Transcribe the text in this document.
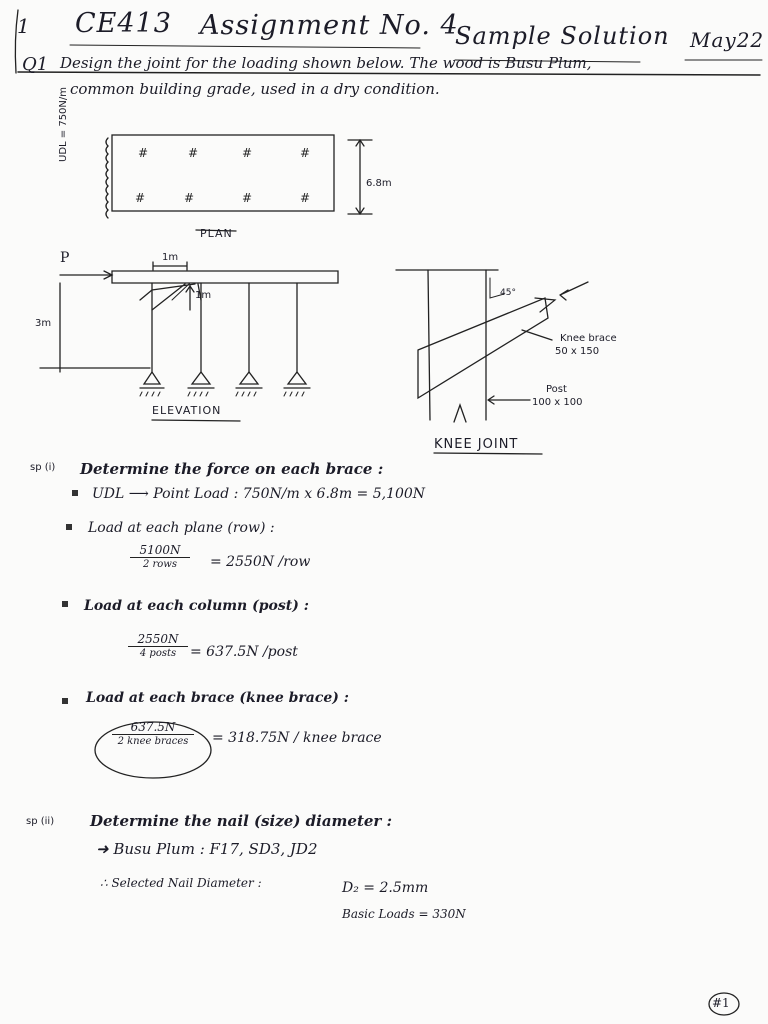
#	#	#	#
#	#	#	#
1 CE413 Assignment No. 4
Sample Solution May22
Q1 Design the joint for the loading shown below. The wood is Busu Plum,
common building grade, used in a dry condition.
UDL = 750N/m
6.8m
PLAN
P	1m
1m
3m
ELEVATION
45°
Knee brace
50 x 150
Post
100 x 100
KNEE JOINT
sp (i) Determine the force on each brace :
UDL ⟶ Point Load : 750N/m x 6.8m = 5,100N
Load at each plane (row) :
5100N
2 rows	= 2550N /row
Load at each column (post) :
2550N
4 posts = 637.5N /post
Load at each brace (knee brace) :
637.5N
2 knee braces	= 318.75N / knee brace
sp (ii) Determine the nail (size) diameter :
➜ Busu Plum : F17, SD3, JD2
∴ Selected Nail Diameter :	D₂ = 2.5mm
Basic Loads = 330N
#1
